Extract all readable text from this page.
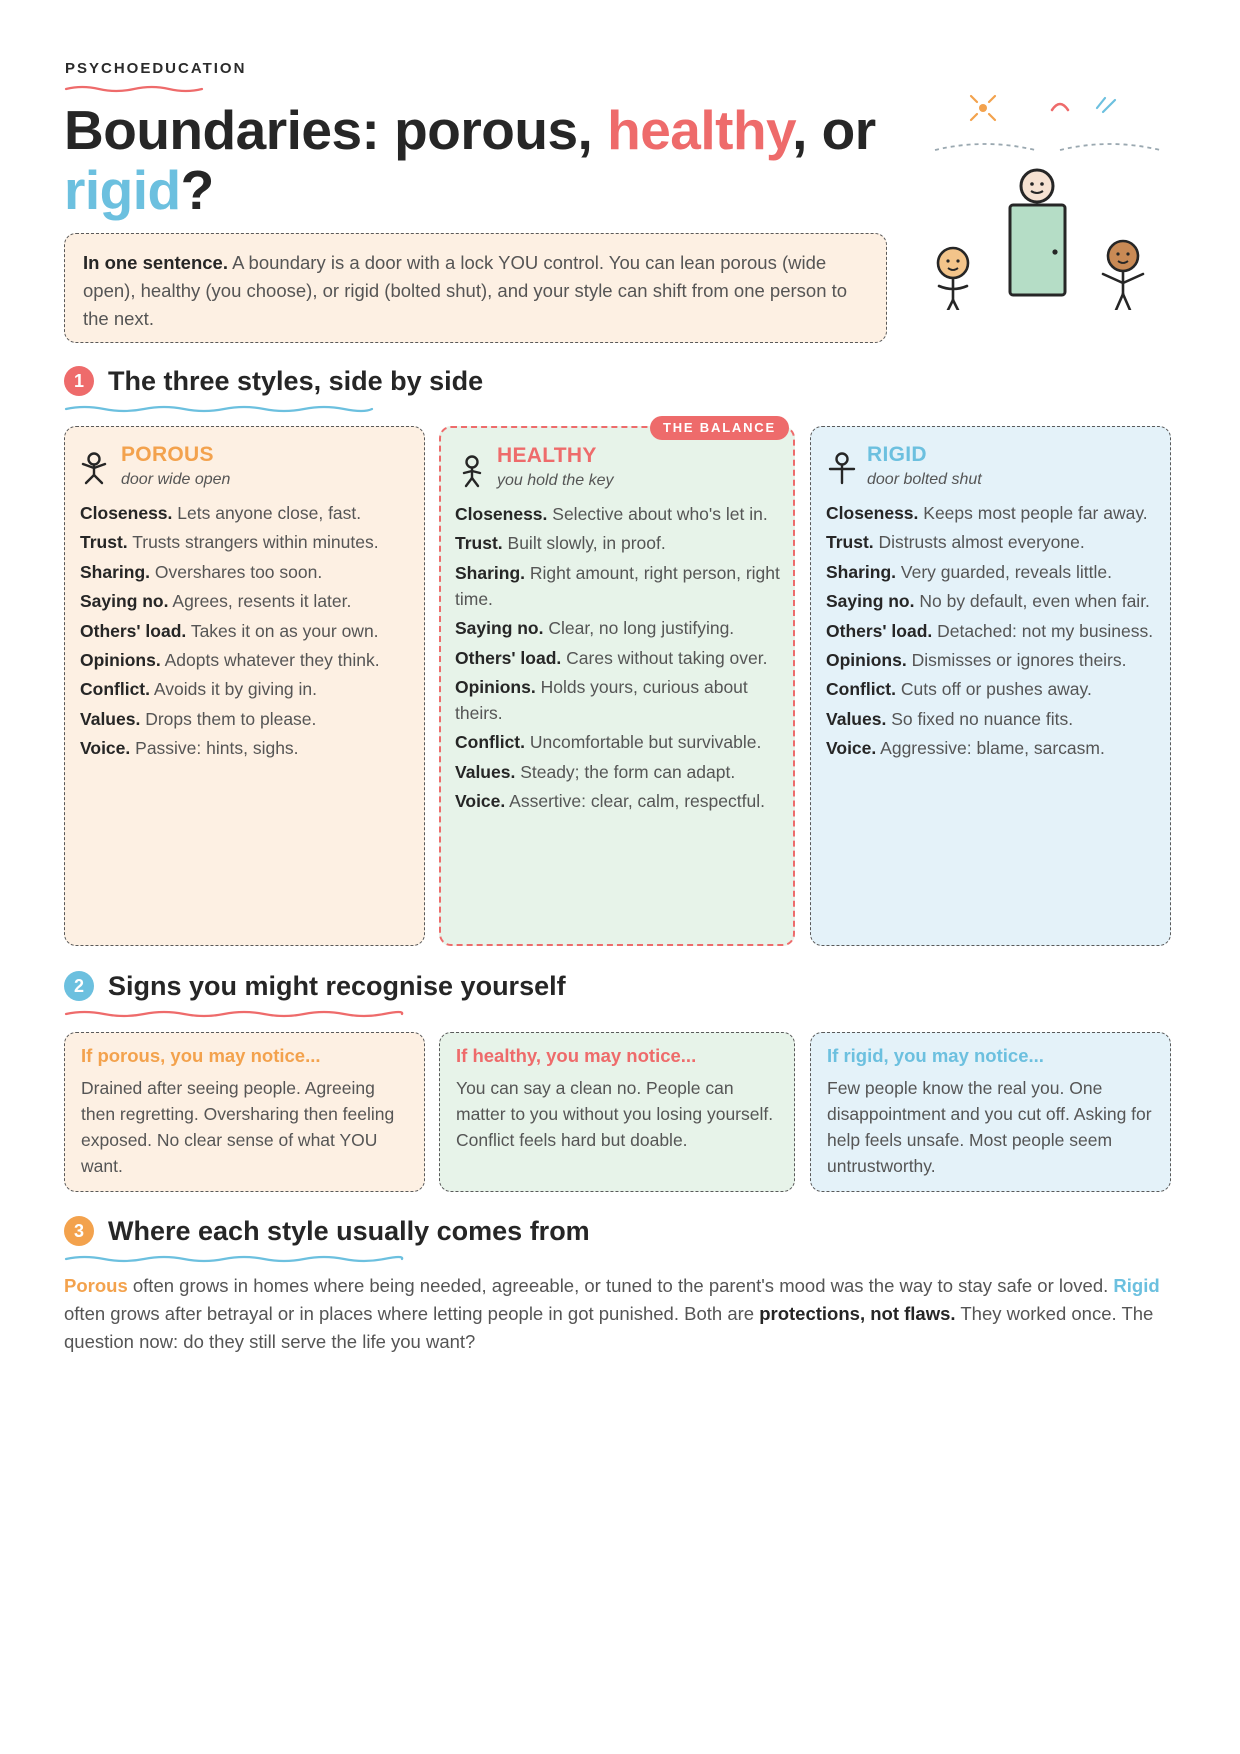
PSYCHOEDUCATION
Boundaries: porous, healthy, or
rigid?
In one sentence. A boundary is a door with a lock YOU control. You can lean porous (wide open), healthy (you choose), or rigid (bolted shut), and your style can shift from one person to the next.
1 The three styles, side by side
POROUS
door wide open
Closeness. Lets anyone close, fast.
Trust. Trusts strangers within minutes.
Sharing. Overshares too soon.
Saying no. Agrees, resents it later.
Others' load. Takes it on as your own.
Opinions. Adopts whatever they think.
Conflict. Avoids it by giving in.
Values. Drops them to please.
Voice. Passive: hints, sighs.
HEALTHY
you hold the key
Closeness. Selective about who's let in.
Trust. Built slowly, in proof.
Sharing. Right amount, right person, right time.
Saying no. Clear, no long justifying.
Others' load. Cares without taking over.
Opinions. Holds yours, curious about theirs.
Conflict. Uncomfortable but survivable.
Values. Steady; the form can adapt.
Voice. Assertive: clear, calm, respectful.
THE BALANCE
RIGID
door bolted shut
Closeness. Keeps most people far away.
Trust. Distrusts almost everyone.
Sharing. Very guarded, reveals little.
Saying no. No by default, even when fair.
Others' load. Detached: not my business.
Opinions. Dismisses or ignores theirs.
Conflict. Cuts off or pushes away.
Values. So fixed no nuance fits.
Voice. Aggressive: blame, sarcasm.
2 Signs you might recognise yourself
If porous, you may notice...

Drained after seeing people. Agreeing then regretting. Oversharing then feeling exposed. No clear sense of what YOU want.

If healthy, you may notice...

You can say a clean no. People can matter to you without you losing yourself. Conflict feels hard but doable.

If rigid, you may notice...

Few people know the real you. One disappointment and you cut off. Asking for help feels unsafe. Most people seem untrustworthy.

3 Where each style usually comes from

Porous often grows in homes where being needed, agreeable, or tuned to the parent's mood was the way to stay safe or loved. Rigid often grows after betrayal or in places where letting people in got punished. Both are protections, not flaws. They worked once. The question now: do they still serve the life you want?
